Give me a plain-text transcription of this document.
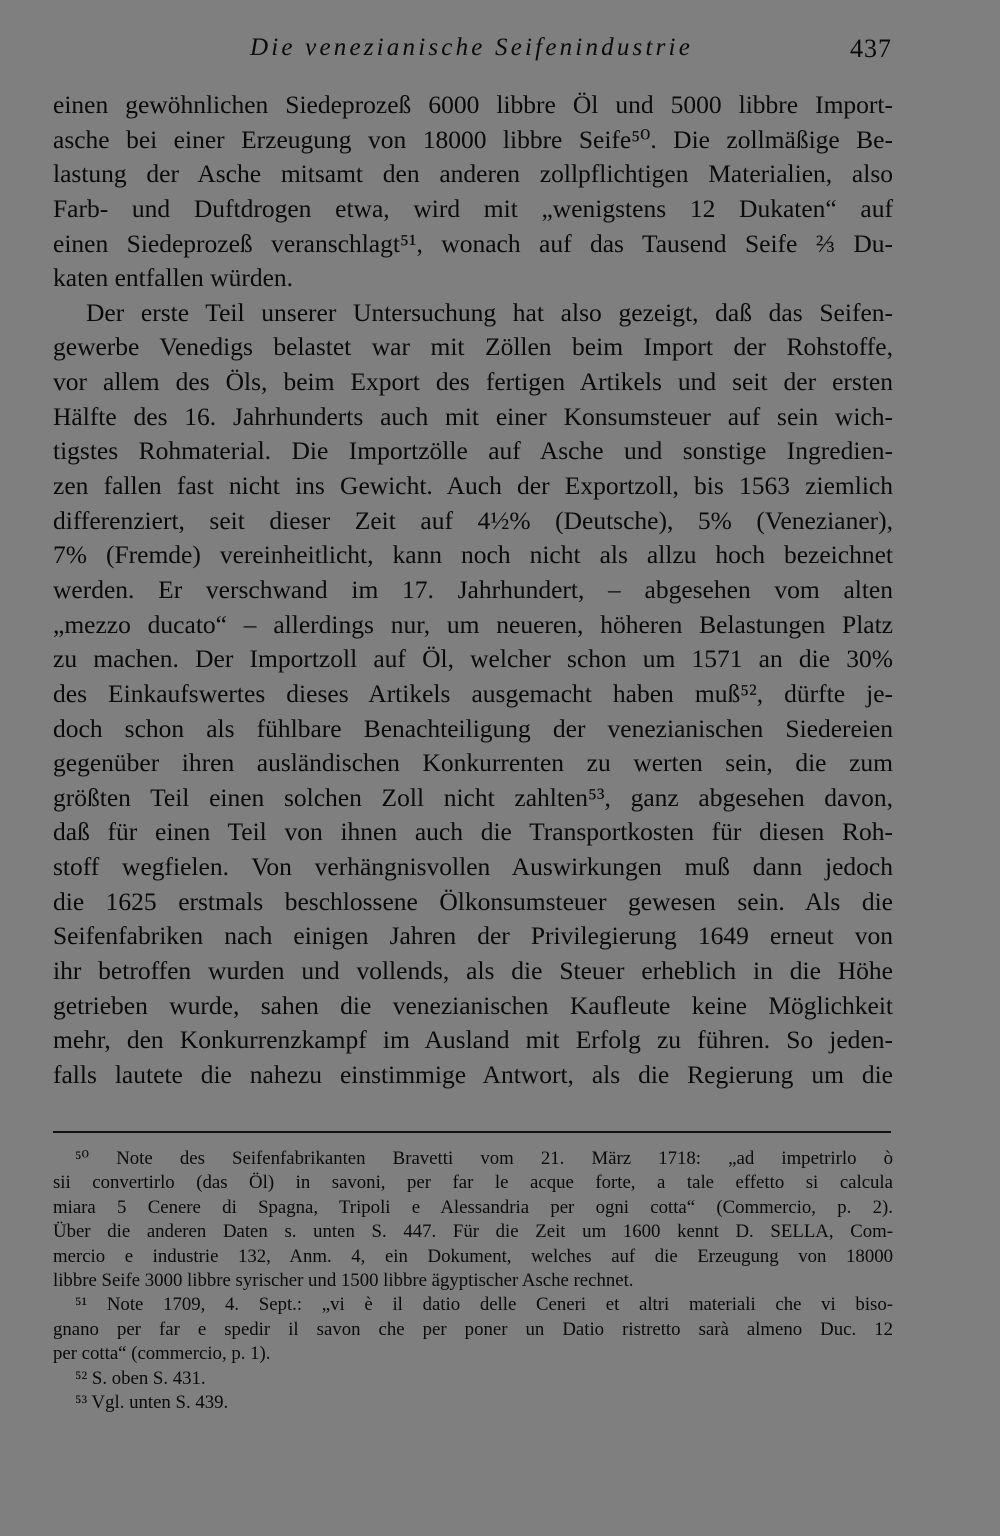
Die venezianische Seifenindustrie	437
einen gewöhnlichen Siedeprozeß 6000 libbre Öl und 5000 libbre Import-
asche bei einer Erzeugung von 18000 libbre Seife⁵⁰. Die zollmäßige Be-
lastung der Asche mitsamt den anderen zollpflichtigen Materialien, also
Farb- und Duftdrogen etwa, wird mit „wenigstens 12 Dukaten“ auf
einen Siedeprozeß veranschlagt⁵¹, wonach auf das Tausend Seife ⅔ Du-
katen entfallen würden.
Der erste Teil unserer Untersuchung hat also gezeigt, daß das Seifen-
gewerbe Venedigs belastet war mit Zöllen beim Import der Rohstoffe,
vor allem des Öls, beim Export des fertigen Artikels und seit der ersten
Hälfte des 16. Jahrhunderts auch mit einer Konsumsteuer auf sein wich-
tigstes Rohmaterial. Die Importzölle auf Asche und sonstige Ingredien-
zen fallen fast nicht ins Gewicht. Auch der Exportzoll, bis 1563 ziemlich
differenziert, seit dieser Zeit auf 4½% (Deutsche), 5% (Venezianer),
7% (Fremde) vereinheitlicht, kann noch nicht als allzu hoch bezeichnet
werden. Er verschwand im 17. Jahrhundert, – abgesehen vom alten
„mezzo ducato“ – allerdings nur, um neueren, höheren Belastungen Platz
zu machen. Der Importzoll auf Öl, welcher schon um 1571 an die 30%
des Einkaufswertes dieses Artikels ausgemacht haben muß⁵², dürfte je-
doch schon als fühlbare Benachteiligung der venezianischen Siedereien
gegenüber ihren ausländischen Konkurrenten zu werten sein, die zum
größten Teil einen solchen Zoll nicht zahlten⁵³, ganz abgesehen davon,
daß für einen Teil von ihnen auch die Transportkosten für diesen Roh-
stoff wegfielen. Von verhängnisvollen Auswirkungen muß dann jedoch
die 1625 erstmals beschlossene Ölkonsumsteuer gewesen sein. Als die
Seifenfabriken nach einigen Jahren der Privilegierung 1649 erneut von
ihr betroffen wurden und vollends, als die Steuer erheblich in die Höhe
getrieben wurde, sahen die venezianischen Kaufleute keine Möglichkeit
mehr, den Konkurrenzkampf im Ausland mit Erfolg zu führen. So jeden-
falls lautete die nahezu einstimmige Antwort, als die Regierung um die
⁵⁰ Note des Seifenfabrikanten Bravetti vom 21. März 1718: „ad impetrirlo ò
sii convertirlo (das Öl) in savoni, per far le acque forte, a tale effetto si calcula
miara 5 Cenere di Spagna, Tripoli e Alessandria per ogni cotta“ (Commercio, p. 2).
Über die anderen Daten s. unten S. 447. Für die Zeit um 1600 kennt D. SELLA, Com-
mercio e industrie 132, Anm. 4, ein Dokument, welches auf die Erzeugung von 18000
libbre Seife 3000 libbre syrischer und 1500 libbre ägyptischer Asche rechnet.
⁵¹ Note 1709, 4. Sept.: „vi è il datio delle Ceneri et altri materiali che vi biso-
gnano per far e spedir il savon che per poner un Datio ristretto sarà almeno Duc. 12
per cotta“ (commercio, p. 1).
⁵² S. oben S. 431.
⁵³ Vgl. unten S. 439.
